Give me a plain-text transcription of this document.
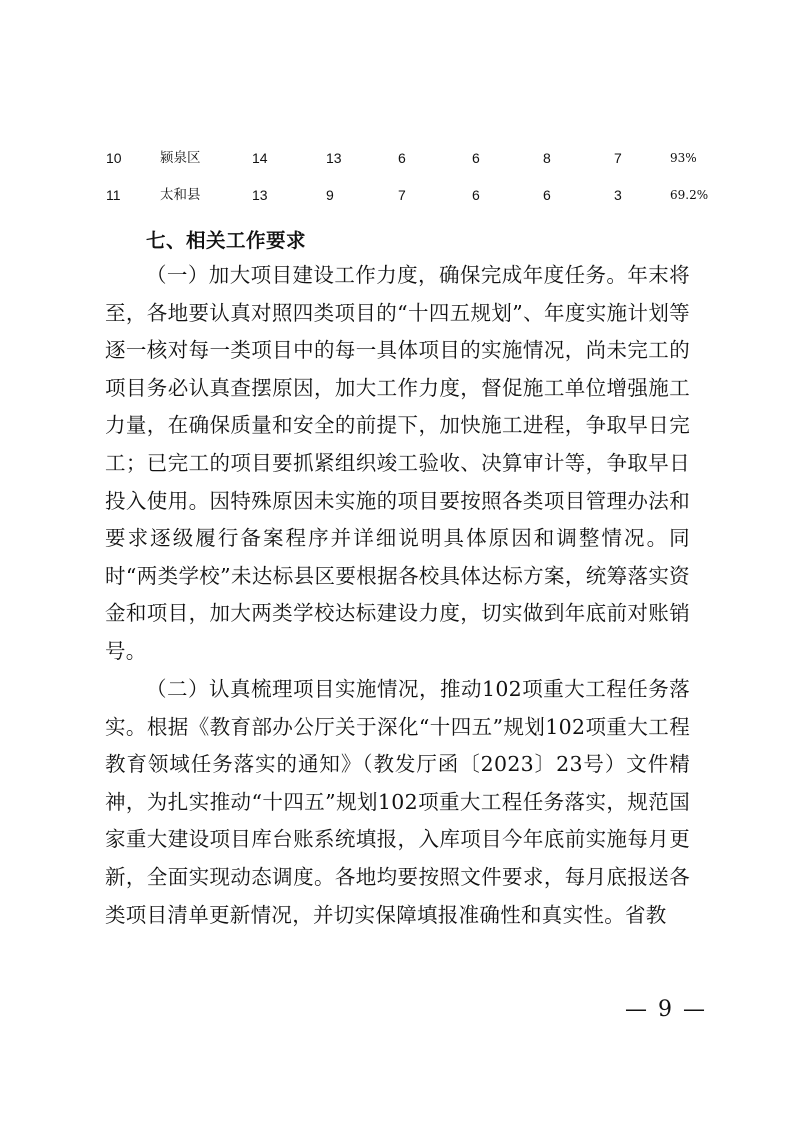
10	颍泉区	14	13	6	6	8	7	93%
11	太和县	13	9	7	6	6	3	69.2%
七、相关工作要求

（一）加大项目建设工作力度，确保完成年度任务。年末将至，各地要认真对照四类项目的“十四五规划”、年度实施计划等逐一核对每一类项目中的每一具体项目的实施情况，尚未完工的项目务必认真查摆原因，加大工作力度，督促施工单位增强施工力量，在确保质量和安全的前提下，加快施工进程，争取早日完工；已完工的项目要抓紧组织竣工验收、决算审计等，争取早日投入使用。因特殊原因未实施的项目要按照各类项目管理办法和要求逐级履行备案程序并详细说明具体原因和调整情况。同时“两类学校”未达标县区要根据各校具体达标方案，统筹落实资金和项目，加大两类学校达标建设力度，切实做到年底前对账销号。

（二）认真梳理项目实施情况，推动102项重大工程任务落实。根据《教育部办公厅关于深化“十四五”规划102项重大工程教育领域任务落实的通知》（教发厅函〔2023〕23号）文件精神，为扎实推动“十四五”规划102项重大工程任务落实，规范国家重大建设项目库台账系统填报，入库项目今年底前实施每月更新，全面实现动态调度。各地均要按照文件要求，每月底报送各类项目清单更新情况，并切实保障填报准确性和真实性。省教

— 9 —
